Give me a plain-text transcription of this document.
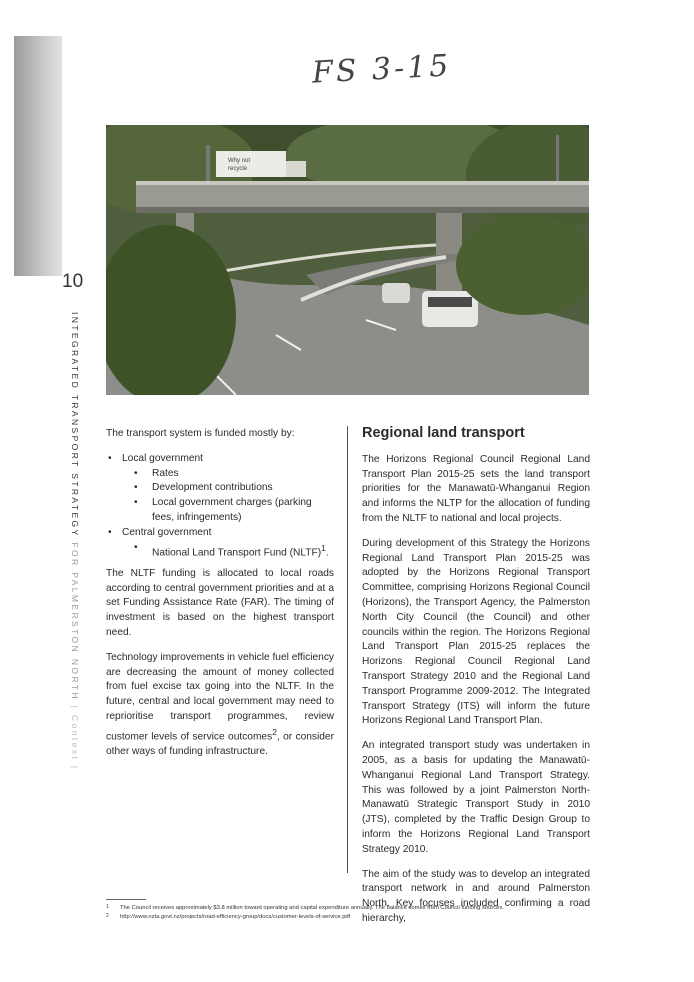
10
INTEGRATED TRANSPORT STRATEGY FOR PALMERSTON NORTH | Context |
FS 3-15
Why not
recycle

The transport system is funded mostly by:

• Local government
• Rates
• Development contributions
• Local government charges (parking fees, infringements)
• Central government
• National Land Transport Fund (NLTF)$^1$.

The NLTF funding is allocated to local roads according to central government priorities and at a set Funding Assistance Rate (FAR). The timing of investment is based on the highest transport need.

Technology improvements in vehicle fuel efficiency are decreasing the amount of money collected from fuel excise tax going into the NLTF. In the future, central and local government may need to reprioritise transport programmes, review customer levels of service outcomes$^2$, or consider other ways of funding infrastructure.

Regional land transport

The Horizons Regional Council Regional Land Transport Plan 2015-25 sets the land transport priorities for the Manawatū-Whanganui Region and informs the NLTP for the allocation of funding from the NLTF to national and local projects.

During development of this Strategy the Horizons Regional Land Transport Plan 2015-25 was adopted by the Horizons Regional Transport Committee, comprising Horizons Regional Council (Horizons), the Transport Agency, the Palmerston North City Council (the Council) and other councils within the region. The Horizons Regional Land Transport Plan 2015-25 replaces the Horizons Regional Council Regional Land Transport Strategy 2010 and the Regional Land Transport Programme 2009-2012. The Integrated Transport Strategy (ITS) will inform the future Horizons Regional Land Transport Plan.

An integrated transport study was undertaken in 2005, as a basis for updating the Manawatū-Whanganui Regional Land Transport Strategy. This was followed by a joint Palmerston North-Manawatū Strategic Transport Study in 2010 (JTS), completed by the Traffic Design Group to inform the Horizons Regional Land Transport Strategy 2010.

The aim of the study was to develop an integrated transport network in and around Palmerston North. Key focuses included confirming a road hierarchy,

1 The Council receives approximately $3.8 million toward operating and capital expenditure annually. The balance comes from Council funding sources.
2 http://www.nzta.govt.nz/projects/road-efficiency-group/docs/customer-levels-of-service.pdf
